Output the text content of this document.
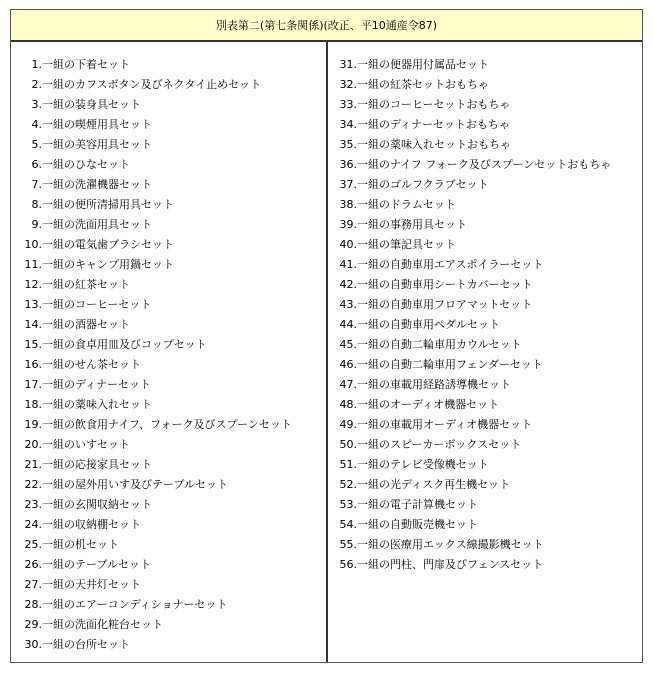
別表第二(第七条関係)(改正、平10通産令87)
1.一組の下着セット
2.一組のカフスボタン及びネクタイ止めセット
3.一組の装身具セット
4.一組の喫煙用具セット
5.一組の美容用具セット
6.一組のひなセット
7.一組の洗濯機器セット
8.一組の便所清掃用具セット
9.一組の洗面用具セット
10.一組の電気歯ブラシセット
11.一組のキャンプ用鍋セット
12.一組の紅茶セット
13.一組のコーヒーセット
14.一組の酒器セット
15.一組の食卓用皿及びコップセット
16.一組のせん茶セット
17.一組のディナーセット
18.一組の薬味入れセット
19.一組の飲食用ナイフ、フォーク及びスプーンセット
20.一組のいすセット
21.一組の応接家具セット
22.一組の屋外用いす及びテーブルセット
23.一組の玄関収納セット
24.一組の収納棚セット
25.一組の机セット
26.一組のテーブルセット
27.一組の天井灯セット
28.一組のエアーコンディショナーセット
29.一組の洗面化粧台セット
30.一組の台所セット
31.一組の便器用付属品セット
32.一組の紅茶セットおもちゃ
33.一組のコーヒーセットおもちゃ
34.一組のディナーセットおもちゃ
35.一組の薬味入れセットおもちゃ
36.一組のナイフ フォーク及びスプーンセットおもちゃ
37.一組のゴルフクラブセット
38.一組のドラムセット
39.一組の事務用具セット
40.一組の筆記具セット
41.一組の自動車用エアスポイラーセット
42.一組の自動車用シートカバーセット
43.一組の自動車用フロアマットセット
44.一組の自動車用ペダルセット
45.一組の自動二輪車用カウルセット
46.一組の自動二輪車用フェンダーセット
47.一組の車載用経路誘導機セット
48.一組のオーディオ機器セット
49.一組の車載用オーディオ機器セット
50.一組のスピーカーボックスセット
51.一組のテレビ受像機セット
52.一組の光ディスク再生機セット
53.一組の電子計算機セット
54.一組の自動販売機セット
55.一組の医療用エックス線撮影機セット
56.一組の門柱、門扉及びフェンスセット
